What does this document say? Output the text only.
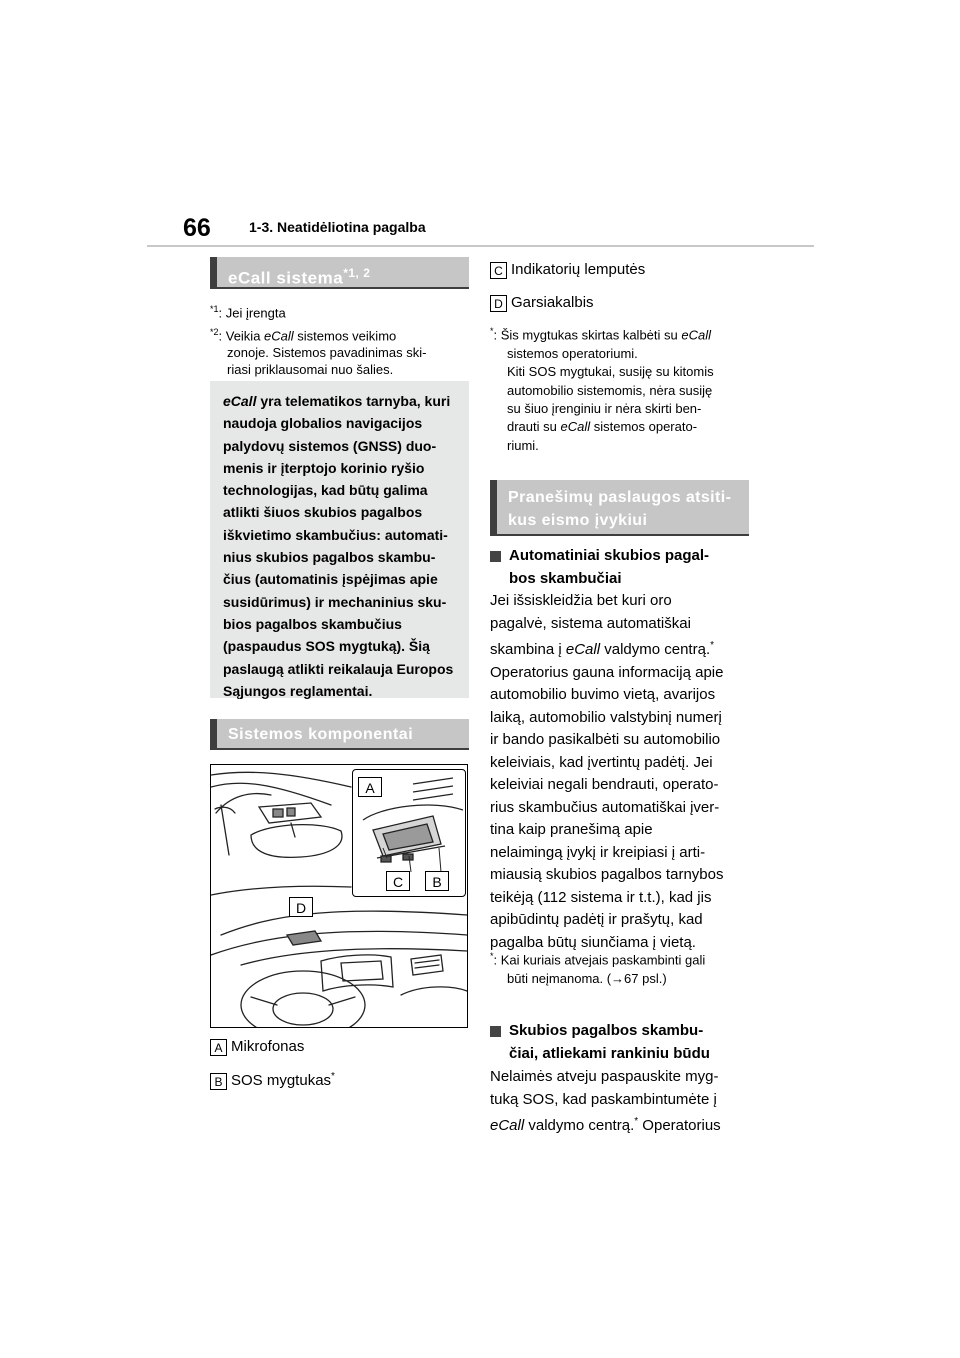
66	1-3. Neatidėliotina pagalba
eCall sistema$^{*1, 2}$
$^{*1}$: Jei įrengta
$^{*2}$: Veikia eCall sistemos veikimo
zonoje. Sistemos pavadinimas ski-
riasi priklausomai nuo šalies.
eCall yra telematikos tarnyba, kuri
naudoja globalios navigacijos
palydovų sistemos (GNSS) duo-
menis ir įterptojo korinio ryšio
technologijas, kad būtų galima
atlikti šiuos skubios pagalbos
iškvietimo skambučius: automati-
nius skubios pagalbos skambu-
čius (automatinis įspėjimas apie
susidūrimus) ir mechaninius sku-
bios pagalbos skambučius
(paspaudus SOS mygtuką). Šią
paslaugą atlikti reikalauja Europos
Sąjungos reglamentai.
Sistemos komponentai
A
C	B
D
A Mikrofonas
B SOS mygtukas*
C Indikatorių lemputės
D Garsiakalbis
*: Šis mygtukas skirtas kalbėti su eCall
sistemos operatoriumi.
Kiti SOS mygtukai, susiję su kitomis
automobilio sistemomis, nėra susiję
su šiuo įrenginiu ir nėra skirti ben-
drauti su eCall sistemos operato-
riumi.
Pranešimų paslaugos atsiti-
kus eismo įvykiui
Automatiniai skubios pagal-
bos skambučiai
Jei išsiskleidžia bet kuri oro
pagalvė, sistema automatiškai
skambina į eCall valdymo centrą.*
Operatorius gauna informaciją apie
automobilio buvimo vietą, avarijos
laiką, automobilio valstybinį numerį
ir bando pasikalbėti su automobilio
keleiviais, kad įvertintų padėtį. Jei
keleiviai negali bendrauti, operato-
rius skambučius automatiškai įver-
tina kaip pranešimą apie
nelaimingą įvykį ir kreipiasi į arti-
miausią skubios pagalbos tarnybos
teikėją (112 sistema ir t.t.), kad jis
apibūdintų padėtį ir prašytų, kad
pagalba būtų siunčiama į vietą.
*: Kai kuriais atvejais paskambinti gali
būti neįmanoma. (→67 psl.)
Skubios pagalbos skambu-
čiai, atliekami rankiniu būdu
Nelaimės atveju paspauskite myg-
tuką SOS, kad paskambintumėte į
eCall valdymo centrą.* Operatorius
